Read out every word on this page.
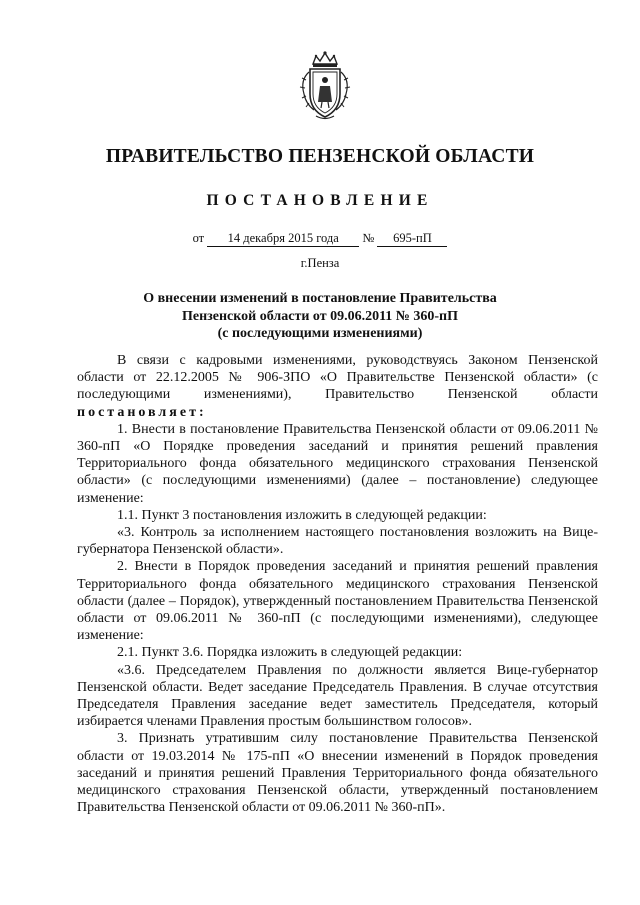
ПРАВИТЕЛЬСТВО ПЕНЗЕНСКОЙ ОБЛАСТИ
ПОСТАНОВЛЕНИЕ
от 14 декабря 2015 года № 695-пП
г.Пенза
О внесении изменений в постановление Правительства
Пензенской области от 09.06.2011 № 360-пП
(с последующими изменениями)

В связи с кадровыми изменениями, руководствуясь Законом Пензенской области от 22.12.2005 № 906-ЗПО «О Правительстве Пензенской области» (с последующими изменениями), Правительство Пензенской области постановляет:

1. Внести в постановление Правительства Пензенской области от 09.06.2011 № 360-пП «О Порядке проведения заседаний и принятия решений правления Территориального фонда обязательного медицинского страхования Пензенской области» (с последующими изменениями) (далее – постановление) следующее изменение:

1.1. Пункт 3 постановления изложить в следующей редакции:

«3. Контроль за исполнением настоящего постановления возложить на Вице-губернатора Пензенской области».

2. Внести в Порядок проведения заседаний и принятия решений правления Территориального фонда обязательного медицинского страхования Пензенской области (далее – Порядок), утвержденный постановлением Правительства Пензенской области от 09.06.2011 № 360-пП (с последующими изменениями), следующее изменение:

2.1. Пункт 3.6. Порядка изложить в следующей редакции:

«3.6. Председателем Правления по должности является Вице-губернатор Пензенской области. Ведет заседание Председатель Правления. В случае отсутствия Председателя Правления заседание ведет заместитель Председателя, который избирается членами Правления простым большинством голосов».

3. Признать утратившим силу постановление Правительства Пензенской области от 19.03.2014 № 175-пП «О внесении изменений в Порядок проведения заседаний и принятия решений Правления Территориального фонда обязательного медицинского страхования Пензенской области, утвержденный постановлением Правительства Пензенской области от 09.06.2011 № 360-пП».
